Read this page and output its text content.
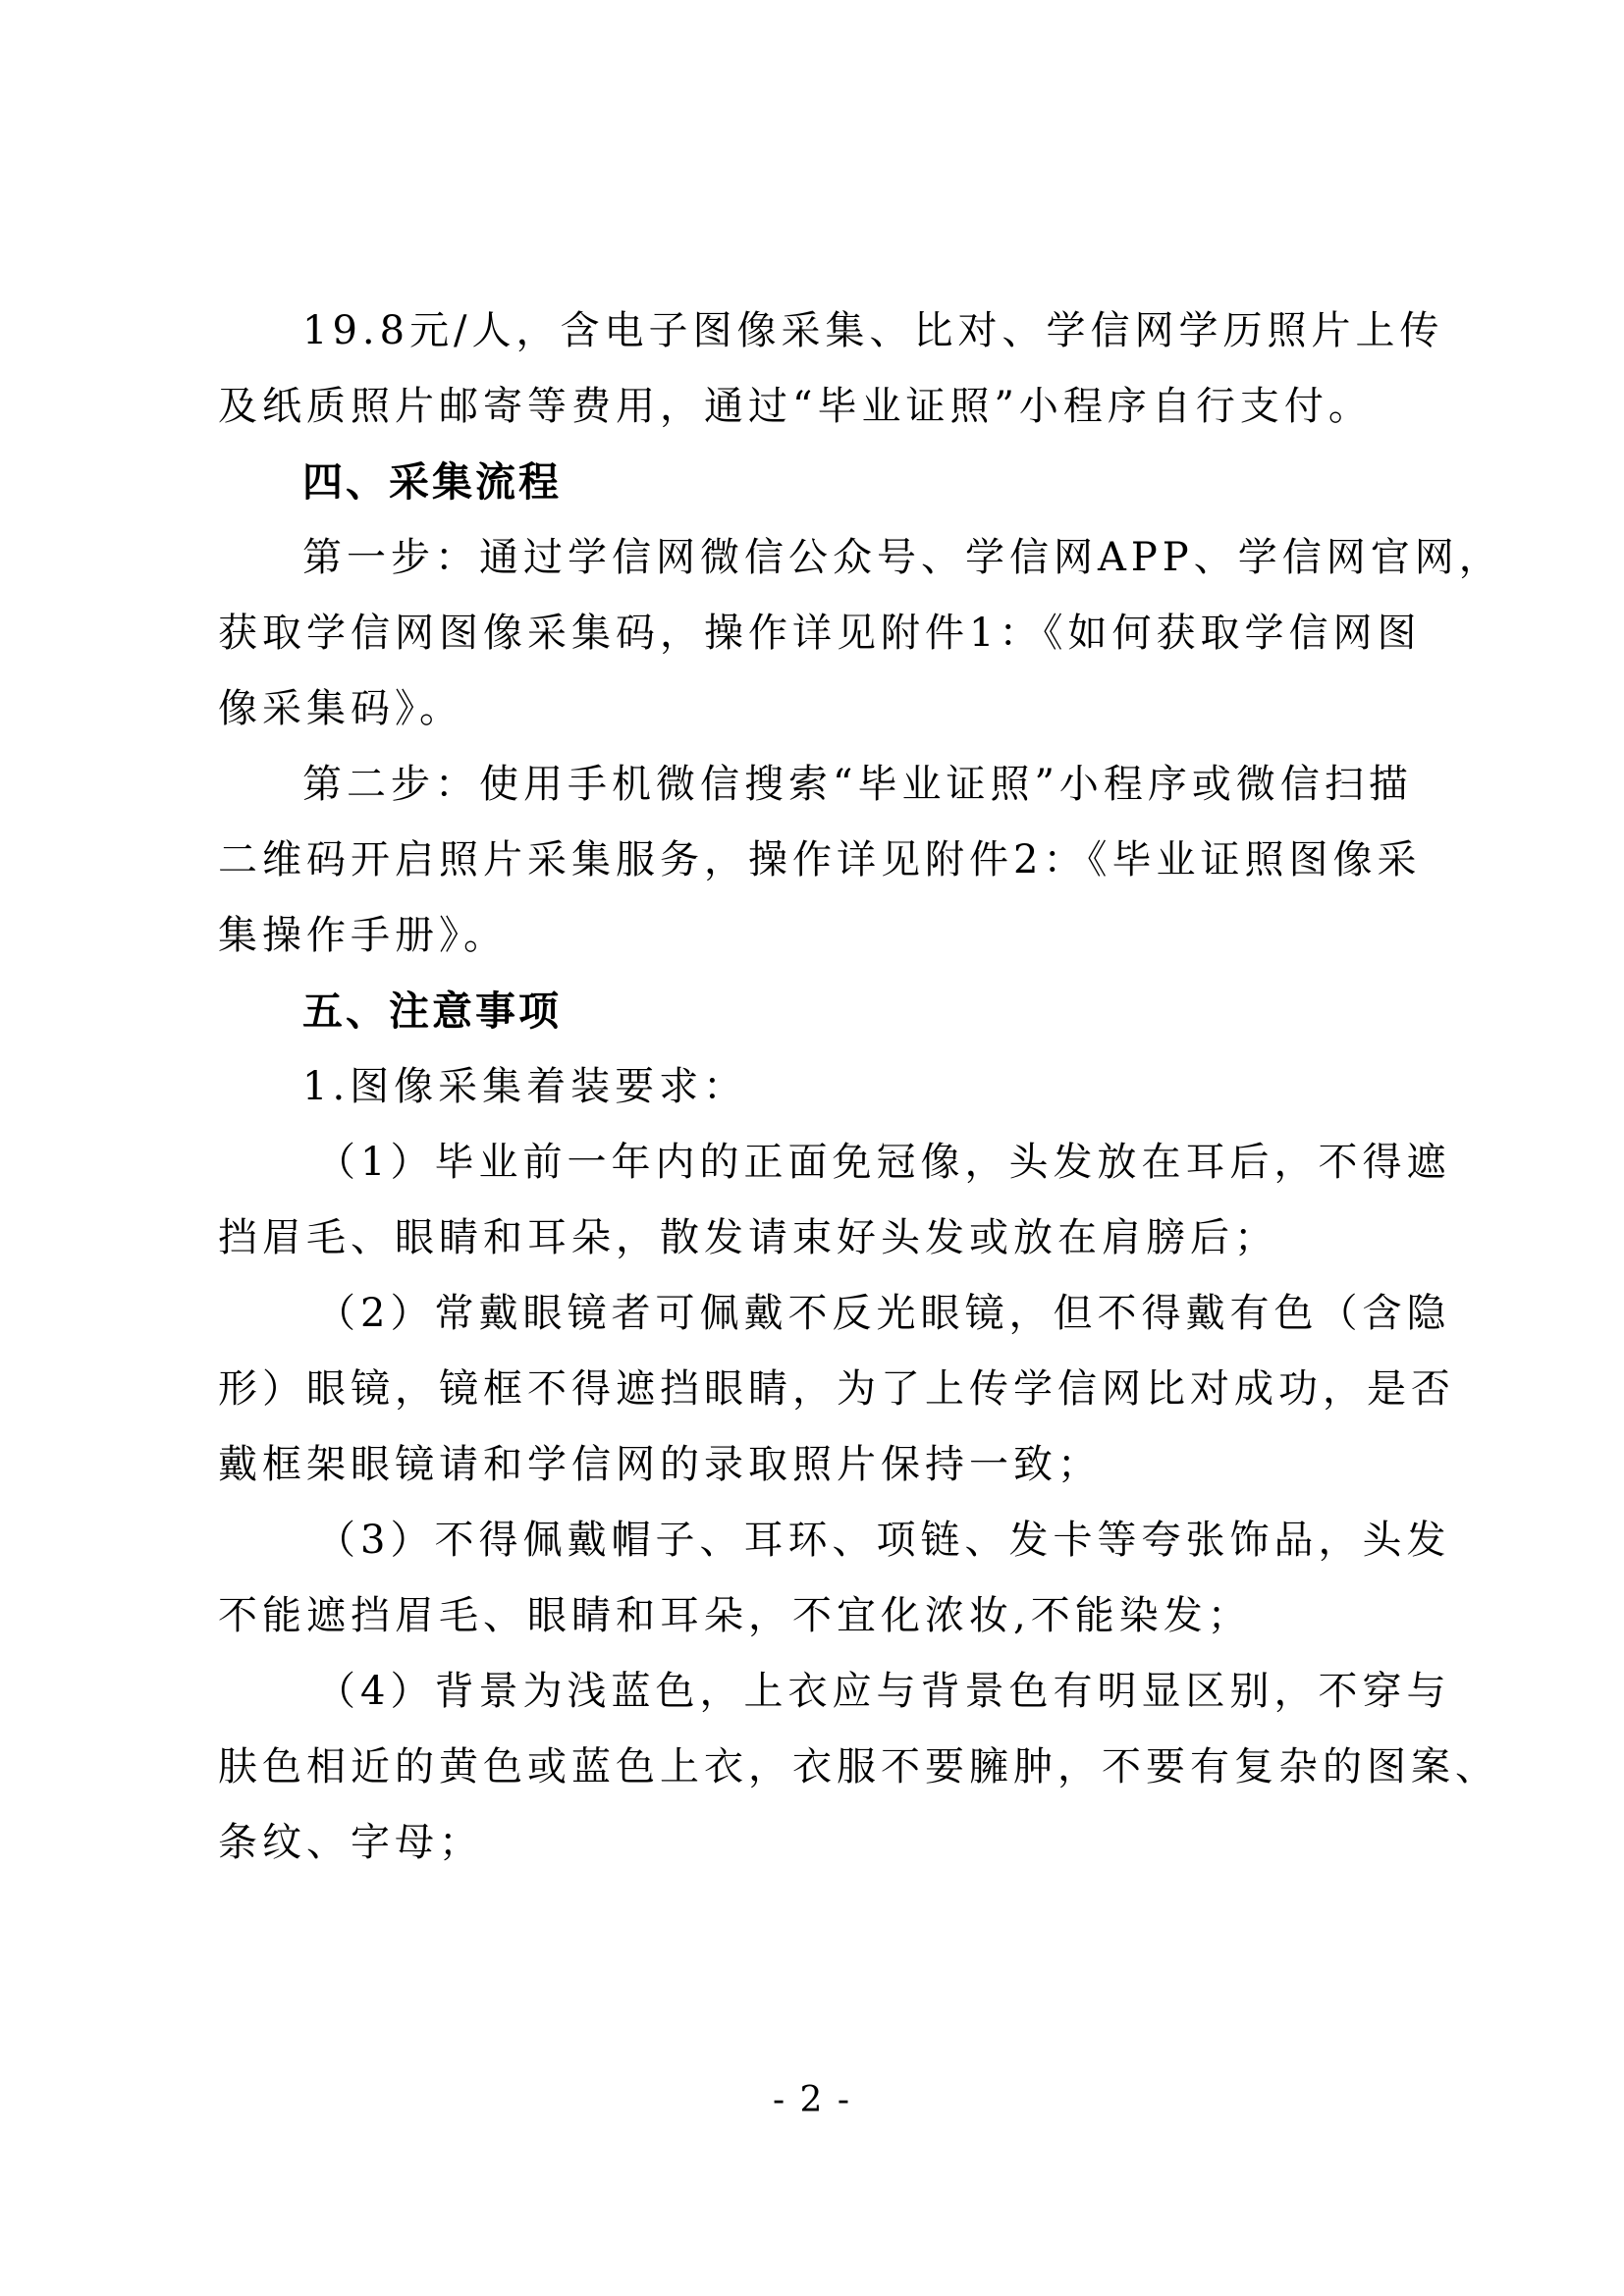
19.8元/人，含电子图像采集、比对、学信网学历照片上传
及纸质照片邮寄等费用，通过“毕业证照”小程序自行支付。
四、采集流程
第一步：通过学信网微信公众号、学信网APP、学信网官网，
获取学信网图像采集码，操作详见附件1：《如何获取学信网图
像采集码》。
第二步：使用手机微信搜索“毕业证照”小程序或微信扫描
二维码开启照片采集服务，操作详见附件2：《毕业证照图像采
集操作手册》。
五、注意事项
1.图像采集着装要求：
（1）毕业前一年内的正面免冠像，头发放在耳后，不得遮
挡眉毛、眼睛和耳朵，散发请束好头发或放在肩膀后；
（2）常戴眼镜者可佩戴不反光眼镜，但不得戴有色（含隐
形）眼镜，镜框不得遮挡眼睛，为了上传学信网比对成功，是否
戴框架眼镜请和学信网的录取照片保持一致；
（3）不得佩戴帽子、耳环、项链、发卡等夸张饰品，头发
不能遮挡眉毛、眼睛和耳朵，不宜化浓妆,不能染发；
（4）背景为浅蓝色，上衣应与背景色有明显区别，不穿与
肤色相近的黄色或蓝色上衣，衣服不要臃肿，不要有复杂的图案、
条纹、字母；
- 2 -
